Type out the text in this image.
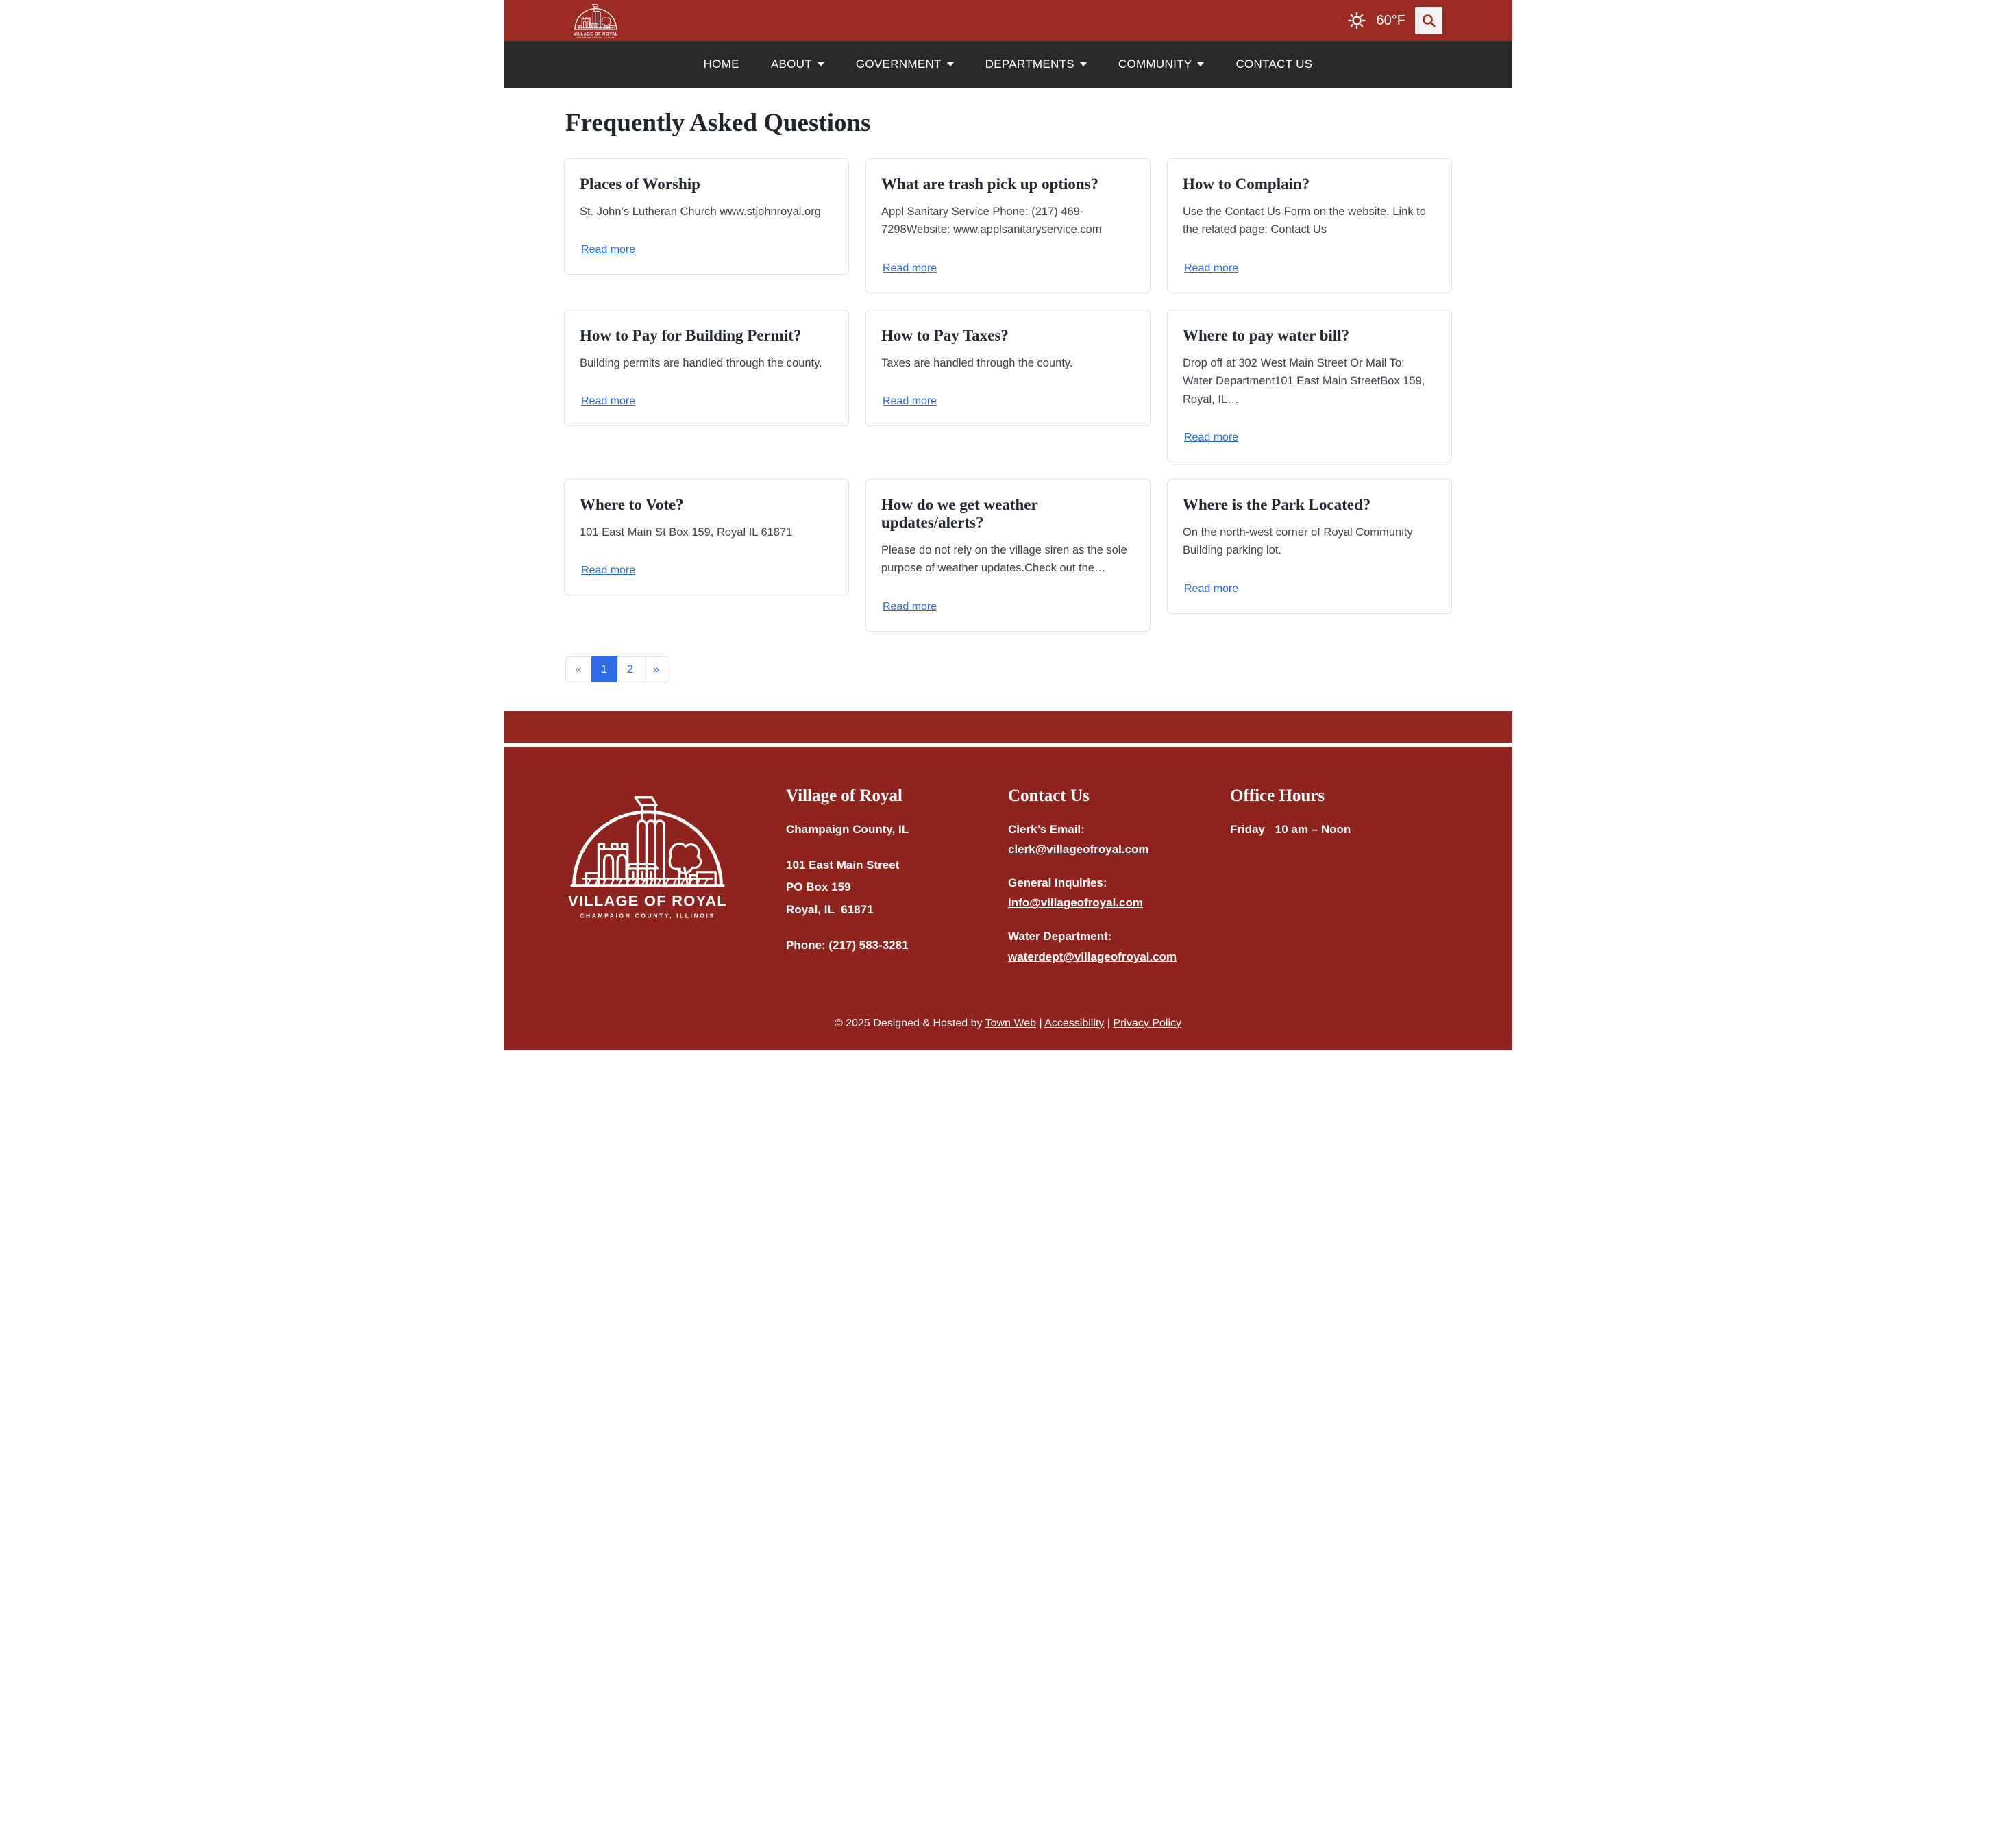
VILLAGE OF ROYAL
CHAMPAIGN COUNTY, ILLINOIS
60°F
HOME	ABOUT	GOVERNMENT	DEPARTMENTS	COMMUNITY	CONTACT US
Frequently Asked Questions
Places of Worship

St. John’s Lutheran Church www.stjohnroyal.org

Read more
What are trash pick up options?

Appl Sanitary Service Phone: (217) 469-7298Website: www.applsanitaryservice.com

Read more
How to Complain?

Use the Contact Us Form on the website. Link to the related page: Contact Us

Read more
How to Pay for Building Permit?

Building permits are handled through the county.

Read more
How to Pay Taxes?

Taxes are handled through the county.

Read more
Where to pay water bill?

Drop off at 302 West Main Street Or Mail To: Water Department101 East Main StreetBox 159, Royal, IL…

Read more
Where to Vote?

101 East Main St Box 159, Royal IL 61871

Read more
How do we get weather updates/alerts?

Please do not rely on the village siren as the sole purpose of weather updates.Check out the…

Read more
Where is the Park Located?

On the north-west corner of Royal Community Building parking lot.

Read more
«	1	2	»
VILLAGE OF ROYAL
CHAMPAIGN COUNTY, ILLINOIS
Village of Royal

Champaign County, IL

101 East Main Street

PO Box 159

Royal, IL  61871

Phone: (217) 583-3281

Contact Us

Clerk’s Email:

clerk@villageofroyal.com

General Inquiries:

info@villageofroyal.com

Water Department:

waterdept@villageofroyal.com
Office Hours

Friday 10 am – Noon

© 2025 Designed & Hosted by Town Web | Accessibility | Privacy Policy
